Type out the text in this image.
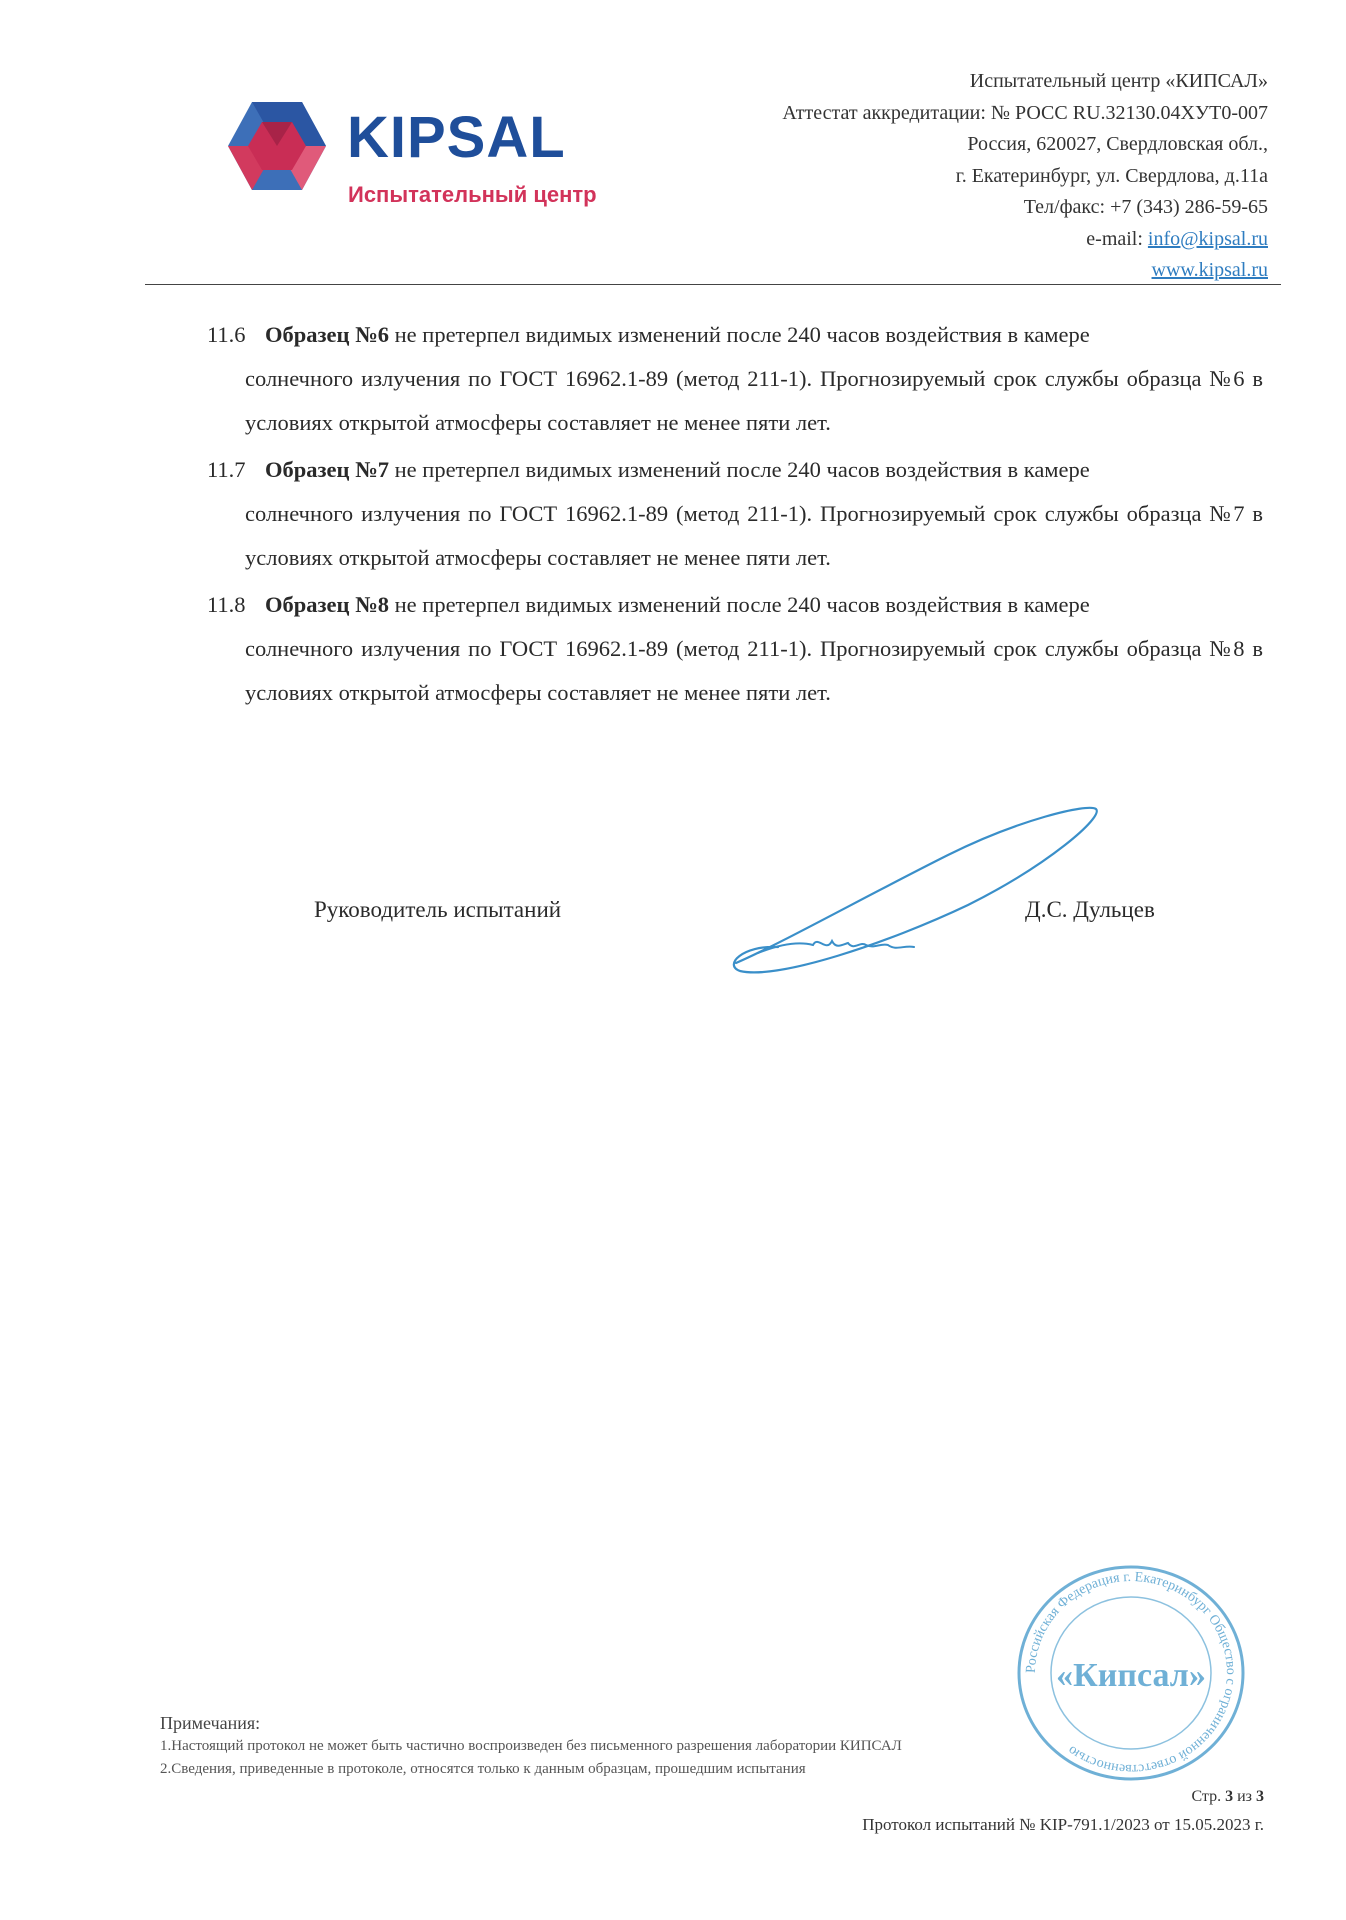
KIPSAL
Испытательный центр
Испытательный центр «КИПСАЛ»
Аттестат аккредитации: № РОСС RU.32130.04ХУТ0-007
Россия, 620027, Свердловская обл.,
г. Екатеринбург, ул. Свердлова, д.11а
Тел/факс: +7 (343) 286-59-65
e-mail: info@kipsal.ru
www.kipsal.ru
11.6 Образец №6 не претерпел видимых изменений после 240 часов воздействия в камере
солнечного излучения по ГОСТ 16962.1-89 (метод 211-1). Прогнозируемый срок службы образца №6 в условиях открытой атмосферы составляет не менее пяти лет.
11.7 Образец №7 не претерпел видимых изменений после 240 часов воздействия в камере
солнечного излучения по ГОСТ 16962.1-89 (метод 211-1). Прогнозируемый срок службы образца №7 в условиях открытой атмосферы составляет не менее пяти лет.
11.8 Образец №8 не претерпел видимых изменений после 240 часов воздействия в камере
солнечного излучения по ГОСТ 16962.1-89 (метод 211-1). Прогнозируемый срок службы образца №8 в условиях открытой атмосферы составляет не менее пяти лет.
Руководитель испытаний	Д.С. Дульцев
Российская Федерация г. Екатеринбург Общество с ограниченной ответственностью
«Кипсал»
Примечания:
1.Настоящий протокол не может быть частично воспроизведен без письменного разрешения лаборатории КИПСАЛ
2.Сведения, приведенные в протоколе, относятся только к данным образцам, прошедшим испытания
Стр. 3 из 3
Протокол испытаний № KIP-791.1/2023 от 15.05.2023 г.
